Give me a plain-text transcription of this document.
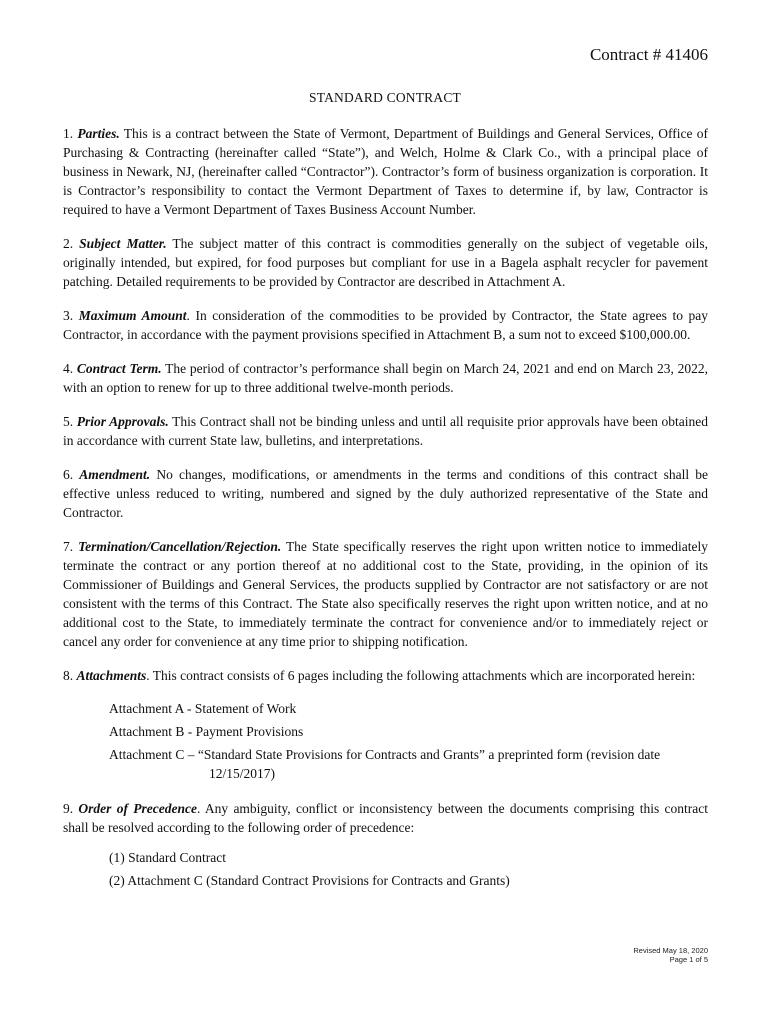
Contract # 41406
STANDARD CONTRACT

1. Parties. This is a contract between the State of Vermont, Department of Buildings and General Services, Office of Purchasing & Contracting (hereinafter called “State”), and Welch, Holme & Clark Co., with a principal place of business in Newark, NJ, (hereinafter called “Contractor”). Contractor’s form of business organization is corporation. It is Contractor’s responsibility to contact the Vermont Department of Taxes to determine if, by law, Contractor is required to have a Vermont Department of Taxes Business Account Number.

2. Subject Matter. The subject matter of this contract is commodities generally on the subject of vegetable oils, originally intended, but expired, for food purposes but compliant for use in a Bagela asphalt recycler for pavement patching. Detailed requirements to be provided by Contractor are described in Attachment A.

3. Maximum Amount. In consideration of the commodities to be provided by Contractor, the State agrees to pay Contractor, in accordance with the payment provisions specified in Attachment B, a sum not to exceed $100,000.00.

4. Contract Term. The period of contractor’s performance shall begin on March 24, 2021 and end on March 23, 2022, with an option to renew for up to three additional twelve-month periods.

5. Prior Approvals. This Contract shall not be binding unless and until all requisite prior approvals have been obtained in accordance with current State law, bulletins, and interpretations.

6. Amendment. No changes, modifications, or amendments in the terms and conditions of this contract shall be effective unless reduced to writing, numbered and signed by the duly authorized representative of the State and Contractor.

7. Termination/Cancellation/Rejection. The State specifically reserves the right upon written notice to immediately terminate the contract or any portion thereof at no additional cost to the State, providing, in the opinion of its Commissioner of Buildings and General Services, the products supplied by Contractor are not satisfactory or are not consistent with the terms of this Contract. The State also specifically reserves the right upon written notice, and at no additional cost to the State, to immediately terminate the contract for convenience and/or to immediately reject or cancel any order for convenience at any time prior to shipping notification.

8. Attachments. This contract consists of 6 pages including the following attachments which are incorporated herein:

Attachment A - Statement of Work
Attachment B - Payment Provisions
Attachment C – “Standard State Provisions for Contracts and Grants” a preprinted form (revision date
12/15/2017)

9. Order of Precedence. Any ambiguity, conflict or inconsistency between the documents comprising this contract shall be resolved according to the following order of precedence:

(1) Standard Contract
(2) Attachment C (Standard Contract Provisions for Contracts and Grants)
Revised May 18, 2020
Page 1 of 5
